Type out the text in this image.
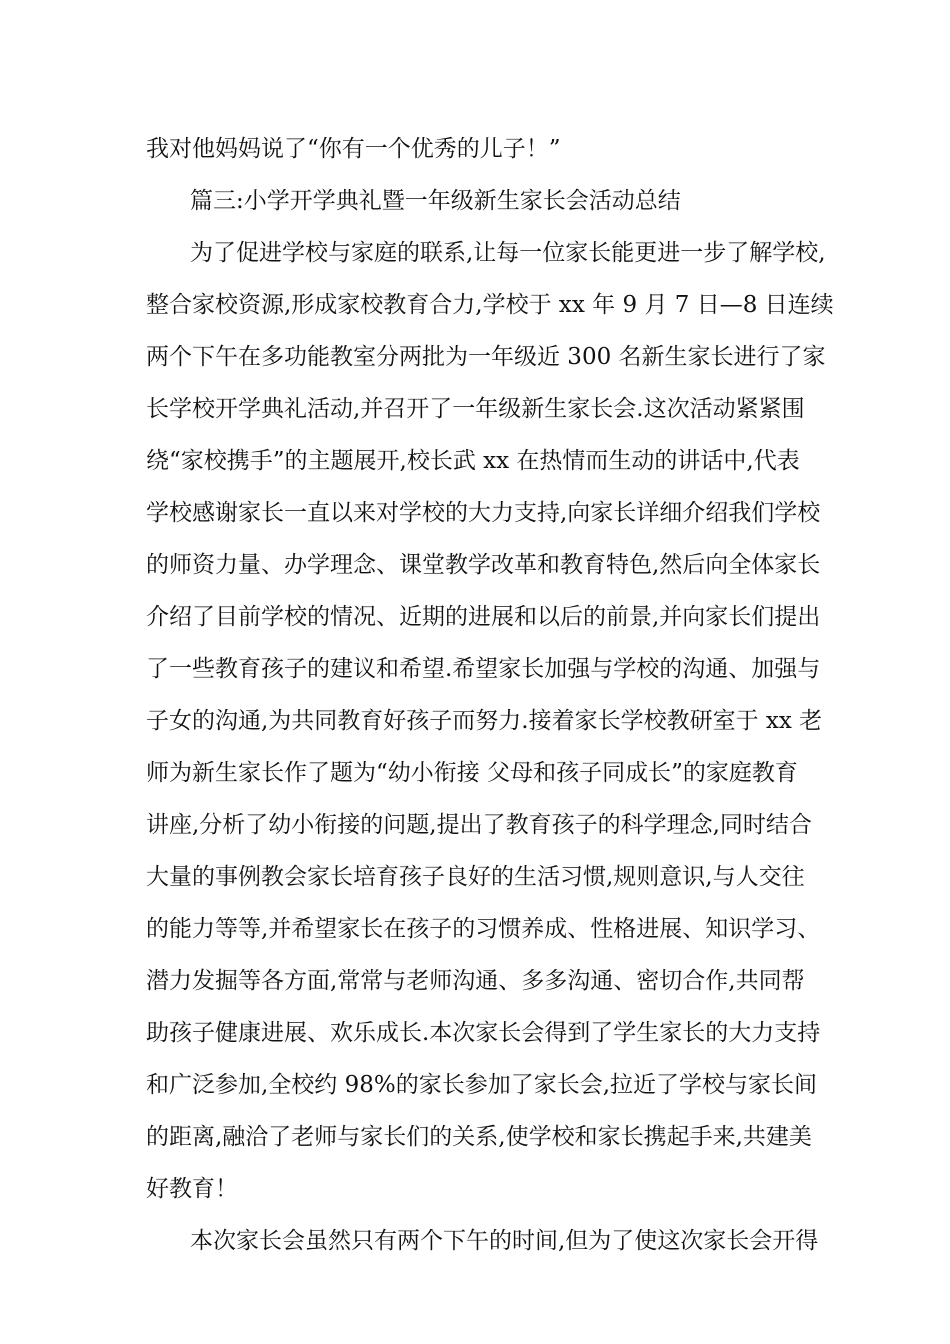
我对他妈妈说了“你有一个优秀的儿子！”
篇三:小学开学典礼暨一年级新生家长会活动总结
为了促进学校与家庭的联系,让每一位家长能更进一步了解学校,
整合家校资源,形成家校教育合力,学校于 xx 年 9 月 7 日—8 日连续
两个下午在多功能教室分两批为一年级近 300 名新生家长进行了家
长学校开学典礼活动,并召开了一年级新生家长会.这次活动紧紧围
绕“家校携手”的主题展开,校长武 xx 在热情而生动的讲话中,代表
学校感谢家长一直以来对学校的大力支持,向家长详细介绍我们学校
的师资力量、办学理念、课堂教学改革和教育特色,然后向全体家长
介绍了目前学校的情况、近期的进展和以后的前景,并向家长们提出
了一些教育孩子的建议和希望.希望家长加强与学校的沟通、加强与
子女的沟通,为共同教育好孩子而努力.接着家长学校教研室于 xx 老
师为新生家长作了题为“幼小衔接 父母和孩子同成长”的家庭教育
讲座,分析了幼小衔接的问题,提出了教育孩子的科学理念,同时结合
大量的事例教会家长培育孩子良好的生活习惯,规则意识,与人交往
的能力等等,并希望家长在孩子的习惯养成、性格进展、知识学习、
潜力发掘等各方面,常常与老师沟通、多多沟通、密切合作,共同帮
助孩子健康进展、欢乐成长.本次家长会得到了学生家长的大力支持
和广泛参加,全校约 98%的家长参加了家长会,拉近了学校与家长间
的距离,融洽了老师与家长们的关系,使学校和家长携起手来,共建美
好教育！
本次家长会虽然只有两个下午的时间,但为了使这次家长会开得
